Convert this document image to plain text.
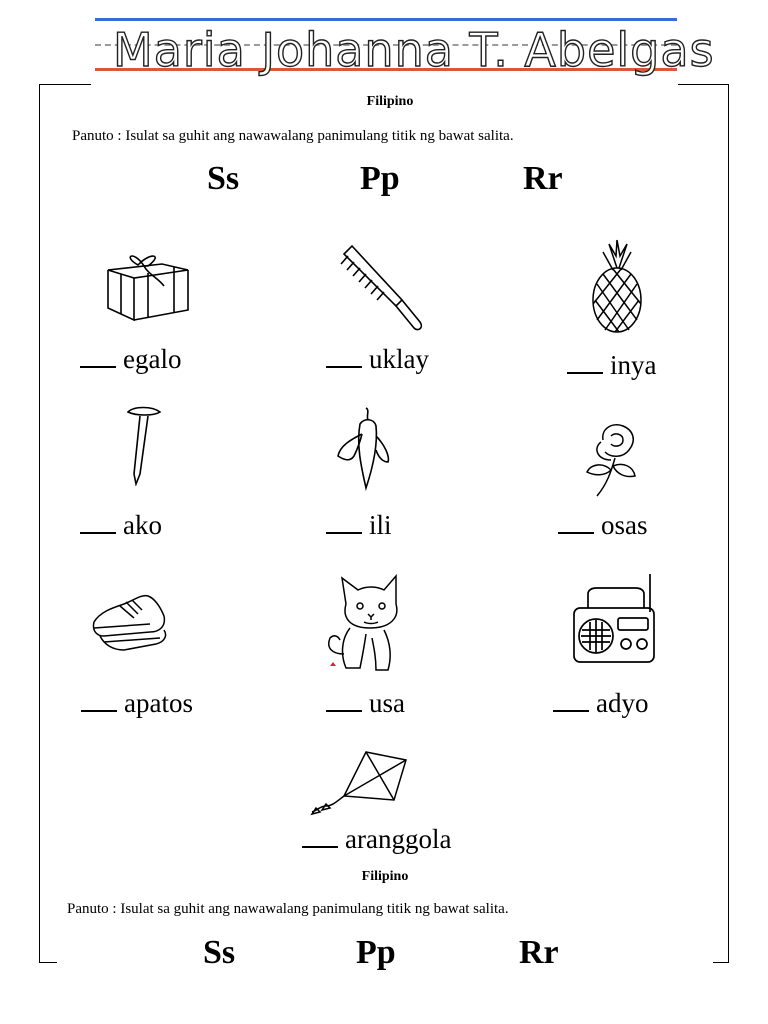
Maria Johanna T. Abelgas
Filipino
Panuto : Isulat sa guhit ang nawawalang panimulang titik ng bawat salita.
Ss	Pp	Rr
egalo	uklay	inya
ako	ili	osas
apatos	usa	adyo
aranggola
Filipino
Panuto : Isulat sa guhit ang nawawalang panimulang titik ng bawat salita.
Ss	Pp	Rr
